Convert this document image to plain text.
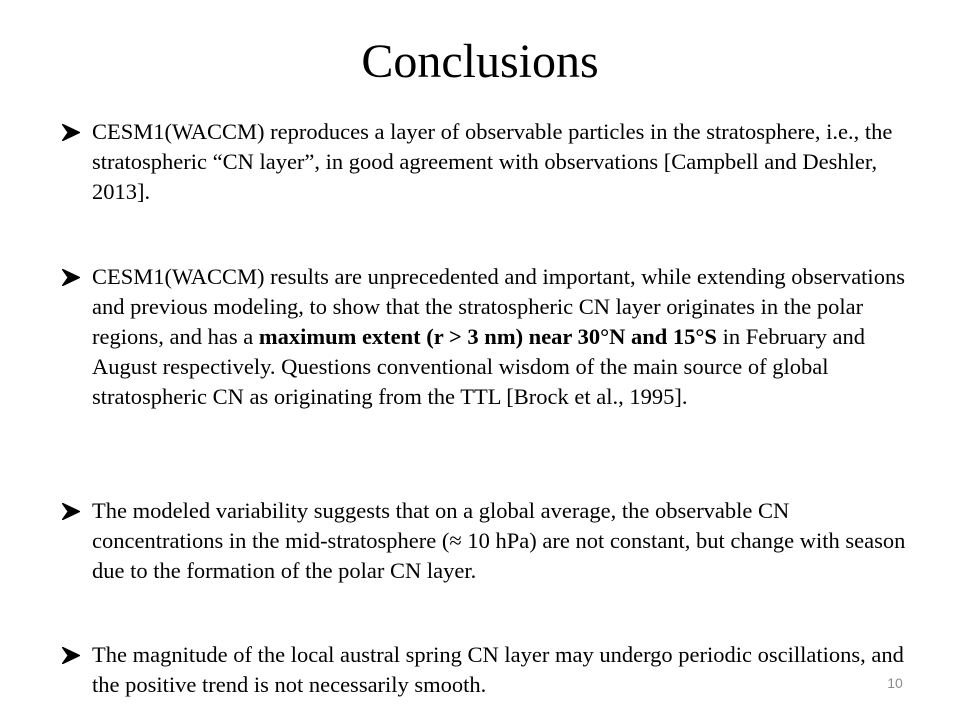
Conclusions
CESM1(WACCM) reproduces a layer of observable particles in the stratosphere, i.e., the stratospheric “CN layer”, in good agreement with observations [Campbell and Deshler, 2013].
CESM1(WACCM) results are unprecedented and important, while extending observations and previous modeling, to show that the stratospheric CN layer originates in the polar regions, and has a maximum extent (r > 3 nm) near 30°N and 15°S in February and August respectively. Questions conventional wisdom of the main source of global stratospheric CN as originating from the TTL [Brock et al., 1995].
The modeled variability suggests that on a global average, the observable CN concentrations in the mid-stratosphere (≈ 10 hPa) are not constant, but change with season due to the formation of the polar CN layer.
The magnitude of the local austral spring CN layer may undergo periodic oscillations, and the positive trend is not necessarily smooth.	10
